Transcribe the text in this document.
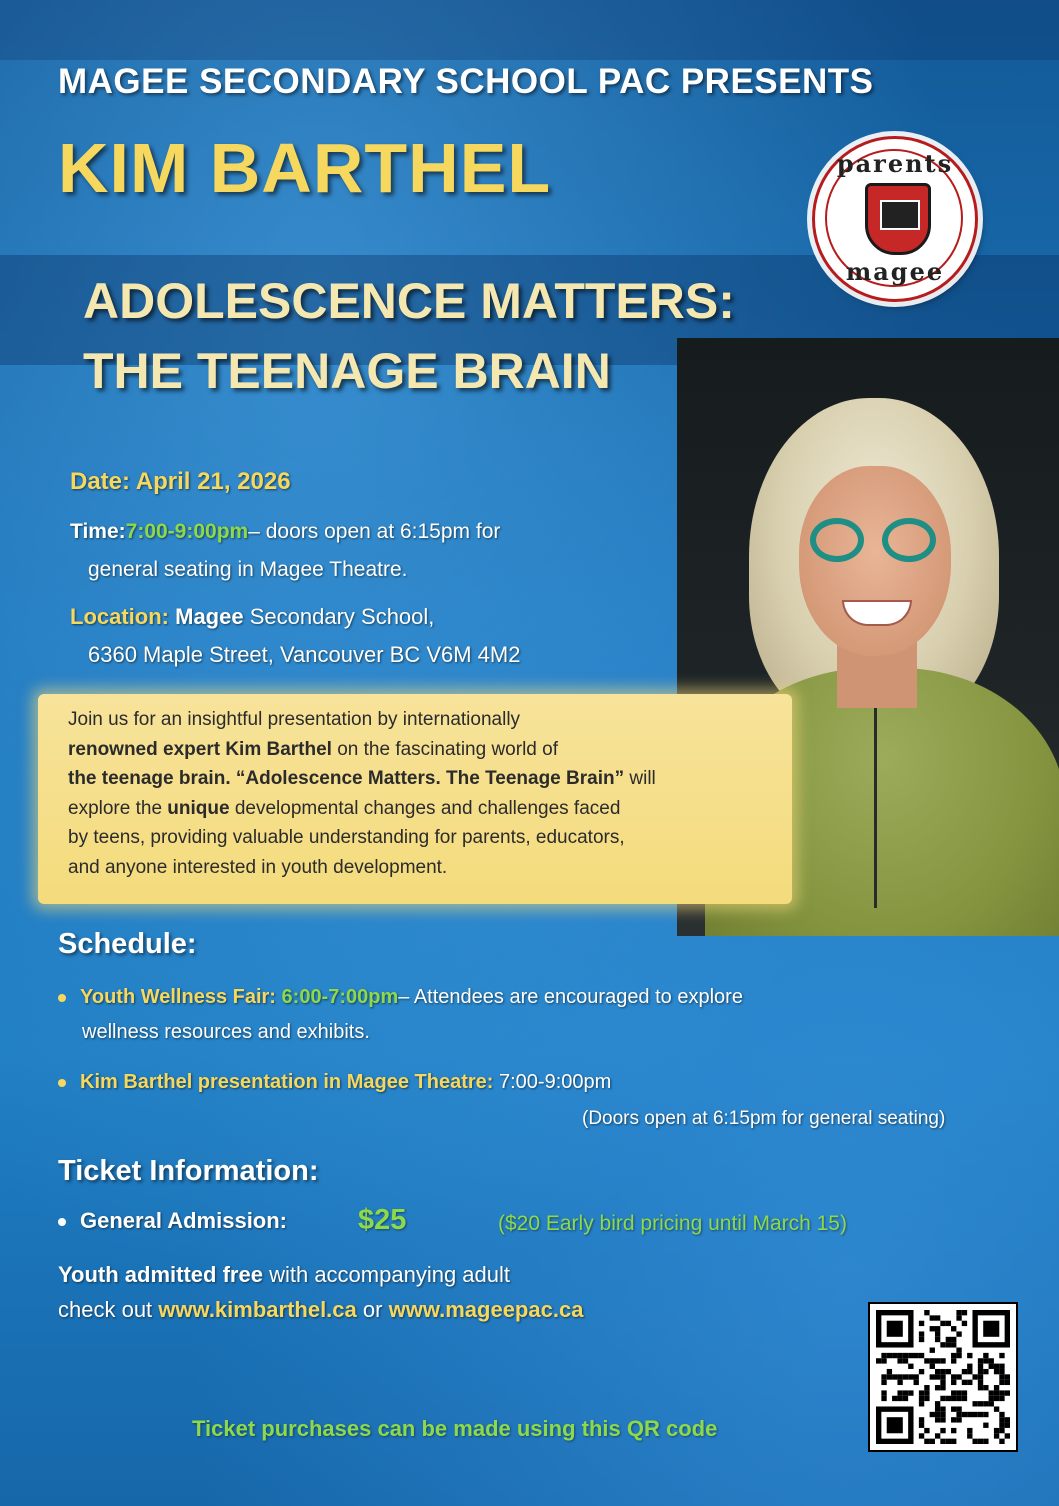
MAGEE SECONDARY SCHOOL PAC PRESENTS
KIM BARTHEL
ADOLESCENCE MATTERS:
THE TEENAGE BRAIN
parents
magee
Date: April 21, 2026
Time:7:00-9:00pm– doors open at 6:15pm for
general seating in Magee Theatre.
Location: Magee Secondary School,
6360 Maple Street, Vancouver BC V6M 4M2
Join us for an insightful presentation by internationally
renowned expert Kim Barthel on the fascinating world of
the teenage brain. “Adolescence Matters. The Teenage Brain” will
explore the unique developmental changes and challenges faced
by teens, providing valuable understanding for parents, educators,
and anyone interested in youth development.
Schedule:
Youth Wellness Fair: 6:00-7:00pm– Attendees are encouraged to explore
wellness resources and exhibits.
Kim Barthel presentation in Magee Theatre: 7:00-9:00pm
(Doors open at 6:15pm for general seating)
Ticket Information:
General Admission: $25	($20 Early bird pricing until March 15)
Youth admitted free with accompanying adult
check out www.kimbarthel.ca or www.mageepac.ca
Ticket purchases can be made using this QR code
